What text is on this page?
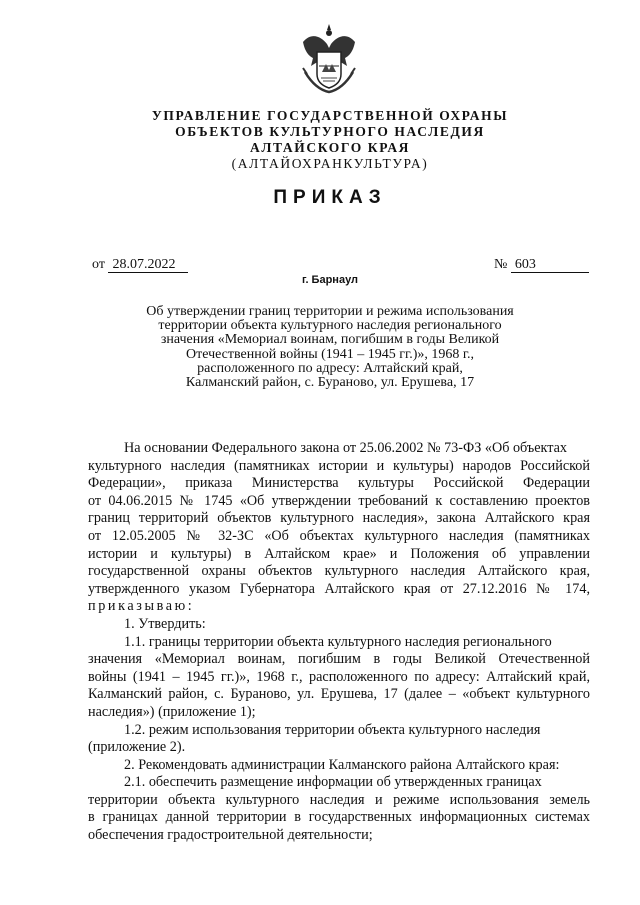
УПРАВЛЕНИЕ ГОСУДАРСТВЕННОЙ ОХРАНЫ
ОБЪЕКТОВ КУЛЬТУРНОГО НАСЛЕДИЯ
АЛТАЙСКОГО КРАЯ
(АЛТАЙОХРАНКУЛЬТУРА)
ПРИКАЗ
от 28.07.2022	№ 603
г. Барнаул
Об утверждении границ территории и режима использования
территории объекта культурного наследия регионального
значения «Мемориал воинам, погибшим в годы Великой
Отечественной войны (1941 – 1945 гг.)», 1968 г.,
расположенного по адресу: Алтайский край,
Калманский район, с. Бураново, ул. Ерушева, 17
На основании Федерального закона от 25.06.2002 № 73-ФЗ «Об объектах
культурного наследия (памятниках истории и культуры) народов Российской
Федерации», приказа Министерства культуры Российской Федерации
от 04.06.2015 № 1745 «Об утверждении требований к составлению проектов
границ территорий объектов культурного наследия», закона Алтайского края
от 12.05.2005 № 32-ЗС «Об объектах культурного наследия (памятниках
истории и культуры) в Алтайском крае» и Положения об управлении
государственной охраны объектов культурного наследия Алтайского края,
утвержденного указом Губернатора Алтайского края от 27.12.2016 № 174,
приказываю:
1. Утвердить:
1.1. границы территории объекта культурного наследия регионального
значения «Мемориал воинам, погибшим в годы Великой Отечественной
войны (1941 – 1945 гг.)», 1968 г., расположенного по адресу: Алтайский край,
Калманский район, с. Бураново, ул. Ерушева, 17 (далее – «объект культурного
наследия») (приложение 1);
1.2. режим использования территории объекта культурного наследия
(приложение 2).
2. Рекомендовать администрации Калманского района Алтайского края:
2.1. обеспечить размещение информации об утвержденных границах
территории объекта культурного наследия и режиме использования земель
в границах данной территории в государственных информационных системах
обеспечения градостроительной деятельности;
